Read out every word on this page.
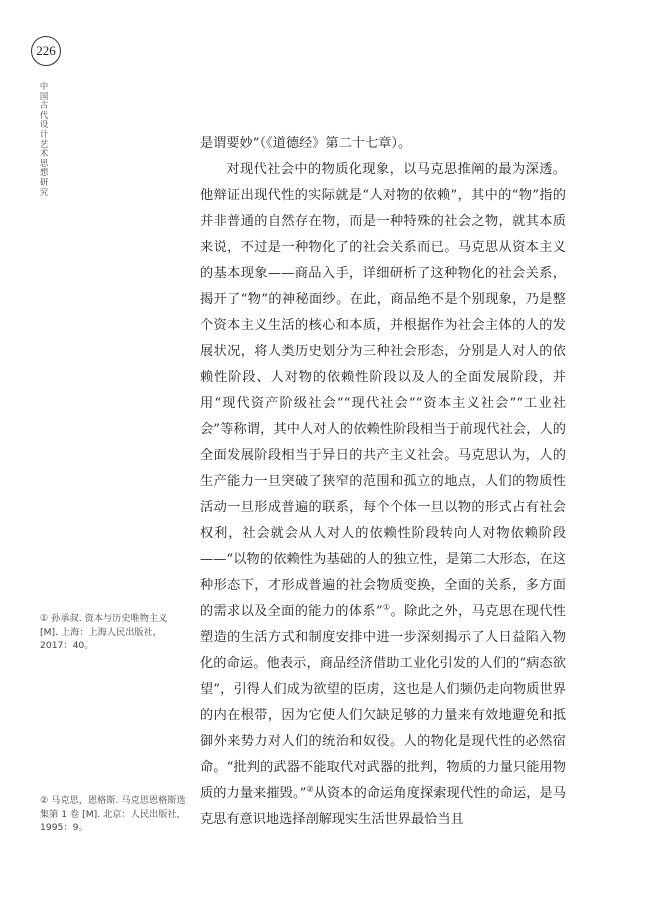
226
中国古代设计艺术思想研究

是谓要妙”（《道德经》第二十七章）。

对现代社会中的物质化现象，以马克思推阐的最为深透。他辩证出现代性的实际就是“人对物的依赖”，其中的“物”指的并非普通的自然存在物，而是一种特殊的社会之物，就其本质来说，不过是一种物化了的社会关系而已。马克思从资本主义的基本现象——商品入手，详细研析了这种物化的社会关系，揭开了“物”的神秘面纱。在此，商品绝不是个别现象，乃是整个资本主义生活的核心和本质，并根据作为社会主体的人的发展状况，将人类历史划分为三种社会形态，分别是人对人的依赖性阶段、人对物的依赖性阶段以及人的全面发展阶段，并用“现代资产阶级社会”“现代社会”“资本主义社会”“工业社会”等称谓，其中人对人的依赖性阶段相当于前现代社会，人的全面发展阶段相当于异日的共产主义社会。马克思认为，人的生产能力一旦突破了狭窄的范围和孤立的地点，人们的物质性活动一旦形成普遍的联系，每个个体一旦以物的形式占有社会权利，社会就会从人对人的依赖性阶段转向人对物依赖阶段——“以物的依赖性为基础的人的独立性，是第二大形态，在这种形态下，才形成普遍的社会物质变换，全面的关系，多方面的需求以及全面的能力的体系”①。除此之外，马克思在现代性塑造的生活方式和制度安排中进一步深刻揭示了人日益陷入物化的命运。他表示，商品经济借助工业化引发的人们的“病态欲望”，引得人们成为欲望的臣虏，这也是人们频仍走向物质世界的内在根带，因为它使人们欠缺足够的力量来有效地避免和抵御外来势力对人们的统治和奴役。人的物化是现代性的必然宿命。“批判的武器不能取代对武器的批判，物质的力量只能用物质的力量来摧毁。”②从资本的命运角度探索现代性的命运，是马克思有意识地选择剖解现实生活世界最恰当且

① 孙承叔. 资本与历史唯物主义 [M]. 上海：上海人民出版社，2017：40。
② 马克思，恩格斯. 马克思恩格斯选集第 1 卷 [M]. 北京：人民出版社，1995：9。
